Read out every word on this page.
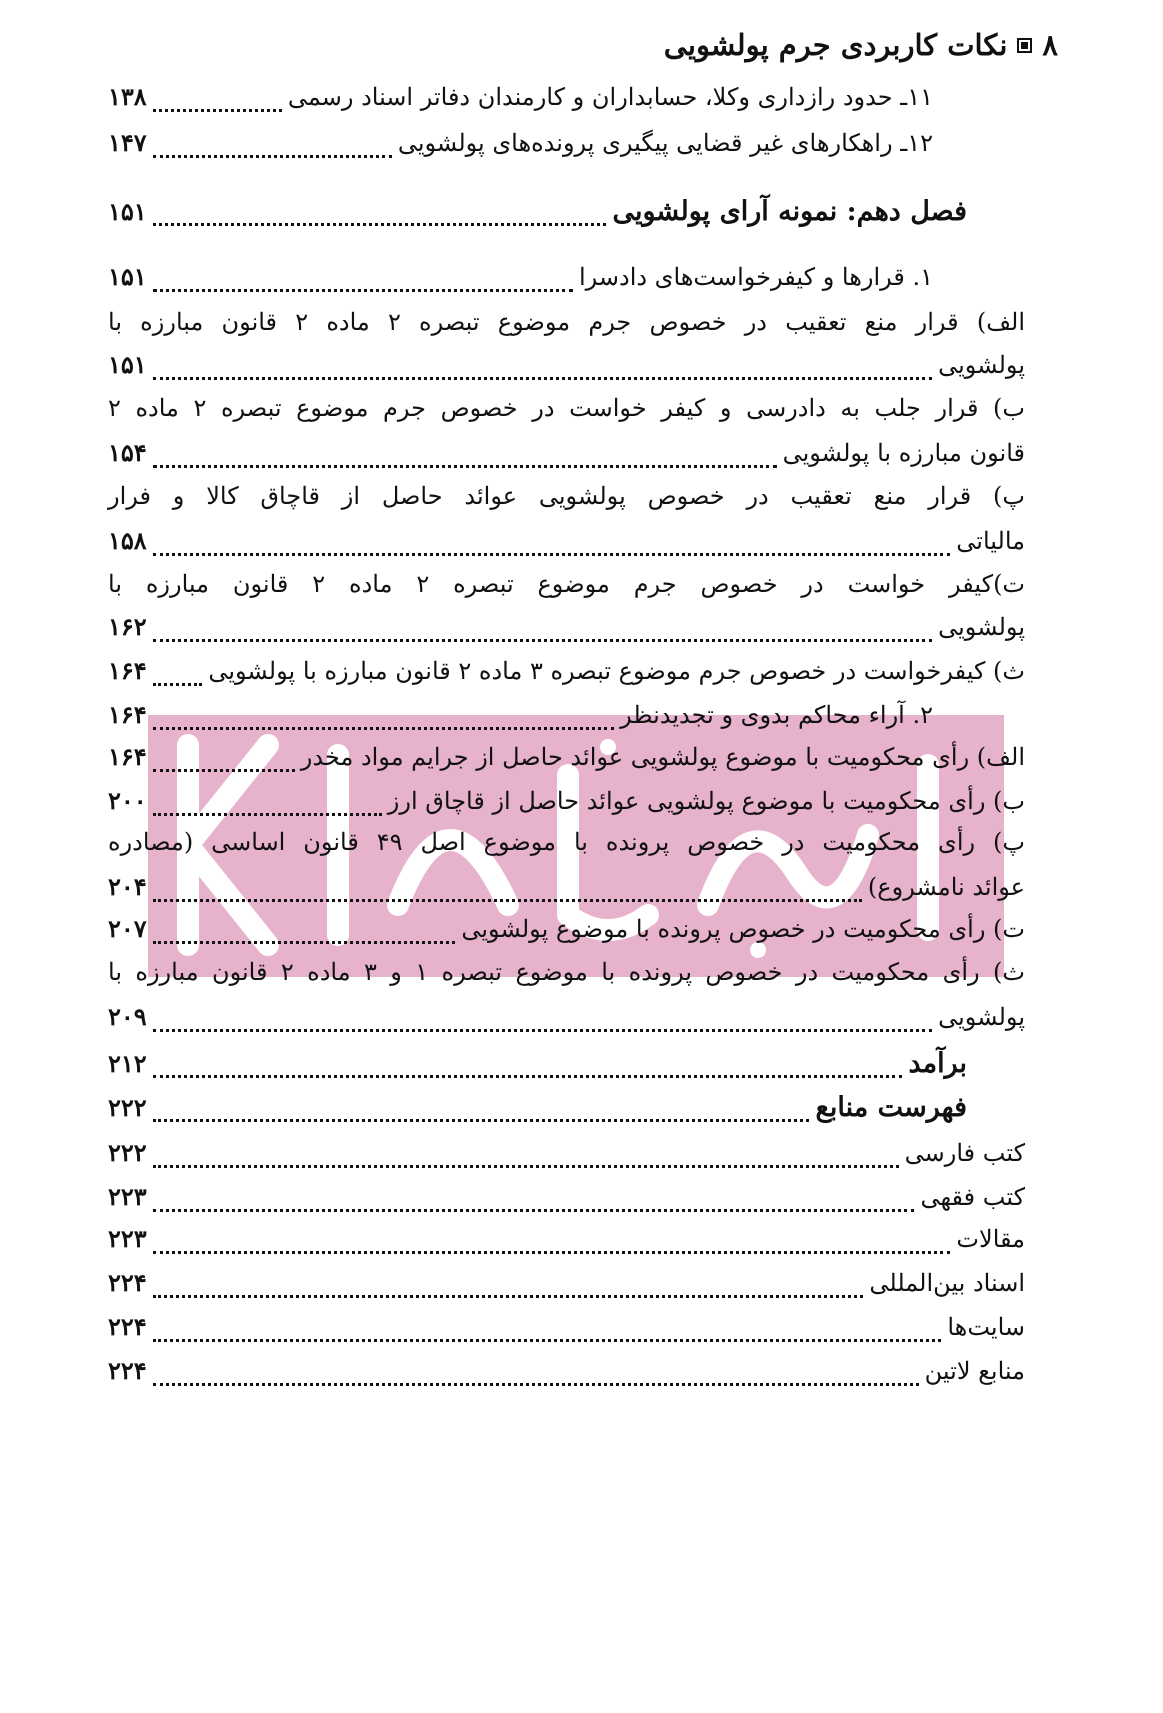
۸
نکات کاربردی جرم پولشویی
۱۱ـ حدود رازداری وکلا، حسابداران و کارمندان دفاتر اسناد رسمی
۱۳۸
۱۲ـ راهکارهای غیر قضایی پیگیری پرونده‌های پولشویی
۱۴۷
فصل دهم: نمونه آرای پولشویی
۱۵۱
۱. قرارها و کیفرخواست‌های دادسرا
۱۵۱
الف) قرار منع تعقیب در خصوص جرم موضوع تبصره ۲ ماده ۲ قانون مبارزه با
پولشویی
۱۵۱
ب) قرار جلب به دادرسی و کیفر خواست در خصوص جرم موضوع تبصره ۲ ماده ۲
قانون مبارزه با پولشویی
۱۵۴
پ) قرار منع تعقیب در خصوص پولشویی عوائد حاصل از قاچاق کالا و فرار
مالیاتی
۱۵۸
ت)کیفر خواست در خصوص جرم موضوع تبصره ۲ ماده ۲ قانون مبارزه با
پولشویی
۱۶۲
ث) کیفرخواست در خصوص جرم موضوع تبصره ۳ ماده ۲ قانون مبارزه با پولشویی
۱۶۴
۲. آراء محاکم بدوی و تجدیدنظر
۱۶۴
الف) رأی محکومیت با موضوع پولشویی عوائد حاصل از جرایم مواد مخدر
۱۶۴
ب) رأی محکومیت با موضوع پولشویی عوائد حاصل از قاچاق ارز
۲۰۰
پ) رأی محکومیت در خصوص پرونده با موضوع اصل ۴۹ قانون اساسی (مصادره
عوائد نامشروع)
۲۰۴
ت) رأی محکومیت در خصوص پرونده با موضوع پولشویی
۲۰۷
ث) رأی محکومیت در خصوص پرونده با موضوع تبصره ۱ و ۳ ماده ۲ قانون مبارزه با
پولشویی
۲۰۹
برآمد
۲۱۲
فهرست منابع
۲۲۲
کتب فارسی
۲۲۲
کتب فقهی
۲۲۳
مقالات
۲۲۳
اسناد بین‌المللی
۲۲۴
سایت‌ها
۲۲۴
منابع لاتین
۲۲۴
